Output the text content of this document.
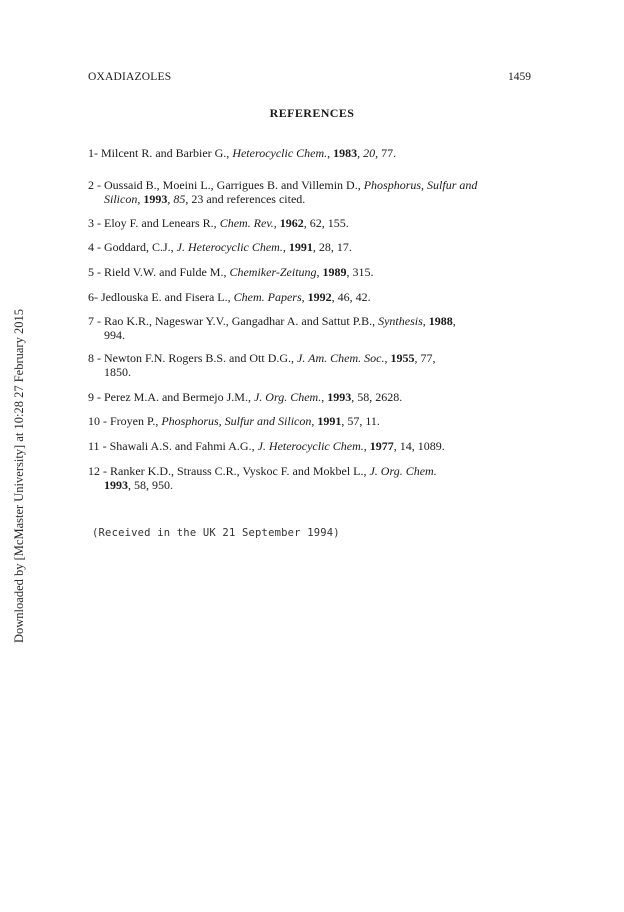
OXADIAZOLES	1459
REFERENCES
1- Milcent R. and Barbier G., Heterocyclic Chem., 1983, 20, 77.
2 - Oussaid B., Moeini L., Garrigues B. and Villemin D., Phosphorus, Sulfur and
Silicon, 1993, 85, 23 and references cited.
3 - Eloy F. and Lenears R., Chem. Rev., 1962, 62, 155.
4 - Goddard, C.J., J. Heterocyclic Chem., 1991, 28, 17.
5 - Rield V.W. and Fulde M., Chemiker-Zeitung, 1989, 315.
6- Jedlouska E. and Fisera L., Chem. Papers, 1992, 46, 42.
7 - Rao K.R., Nageswar Y.V., Gangadhar A. and Sattut P.B., Synthesis, 1988,
994.
8 - Newton F.N. Rogers B.S. and Ott D.G., J. Am. Chem. Soc., 1955, 77,
1850.
9 - Perez M.A. and Bermejo J.M., J. Org. Chem., 1993, 58, 2628.
10 - Froyen P., Phosphorus, Sulfur and Silicon, 1991, 57, 11.
11 - Shawali A.S. and Fahmi A.G., J. Heterocyclic Chem., 1977, 14, 1089.
12 - Ranker K.D., Strauss C.R., Vyskoc F. and Mokbel L., J. Org. Chem.
1993, 58, 950.
(Received in the UK 21 September 1994)
Downloaded by [McMaster University] at 10:28 27 February 2015
